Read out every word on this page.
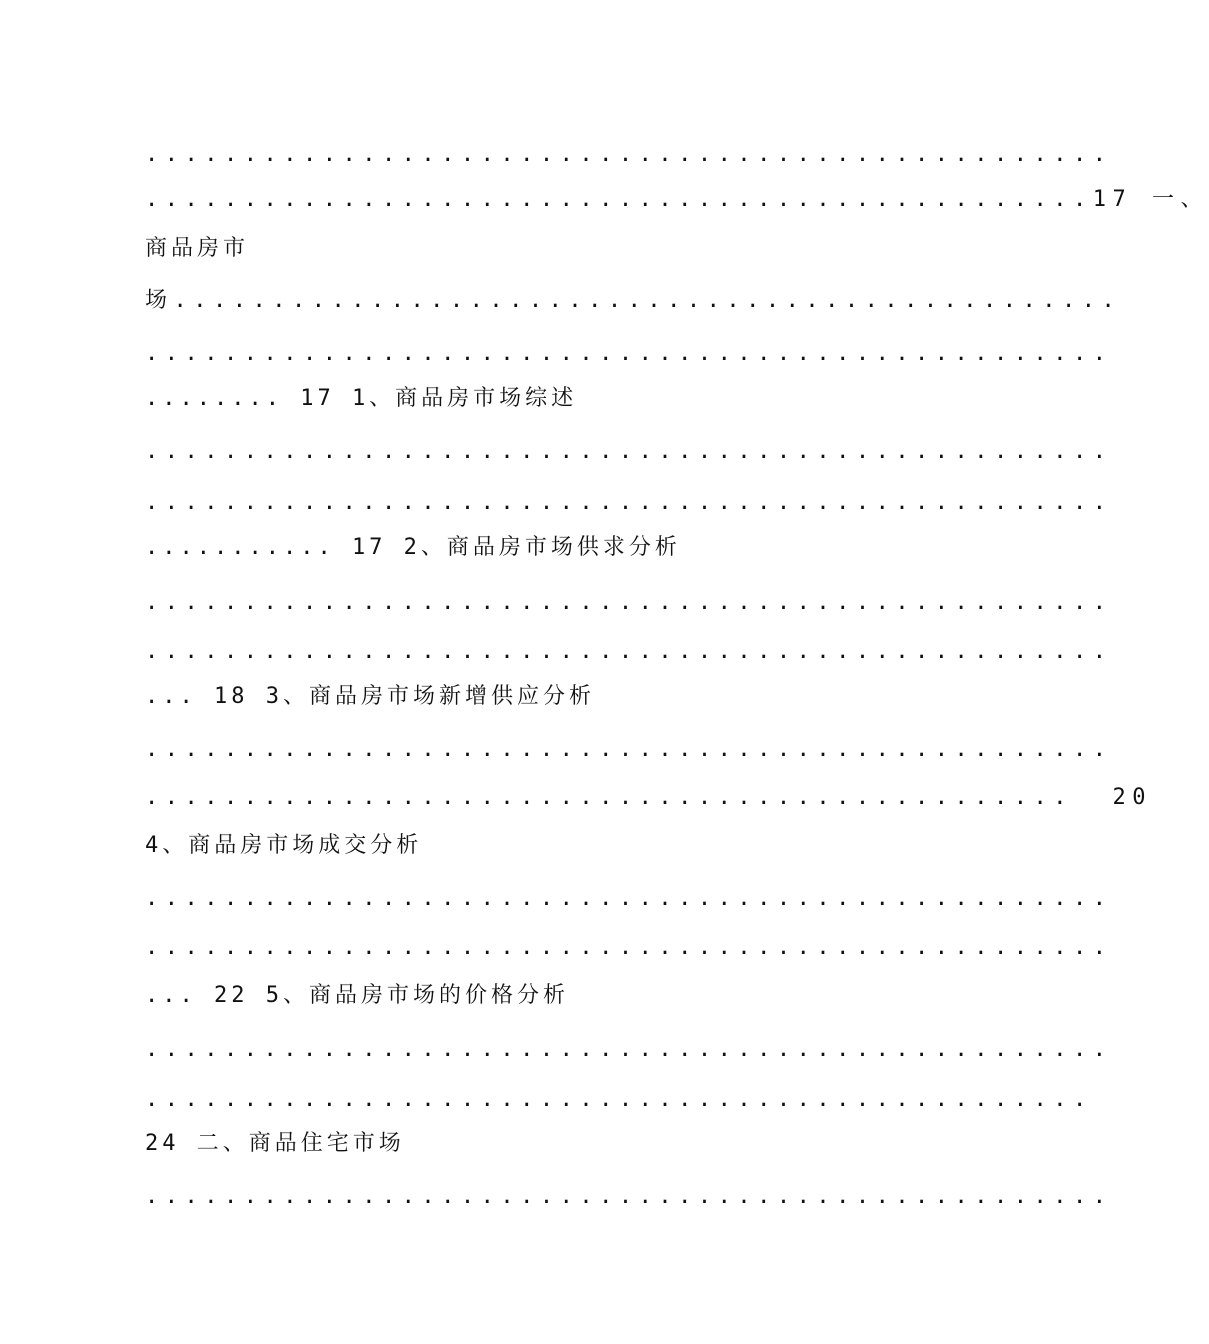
.................................................
................................................17 一、
商品房市
场................................................
.................................................
........ 17 1、商品房市场综述
.................................................
.................................................
........... 17 2、商品房市场供求分析
.................................................
.................................................
... 18 3、商品房市场新增供应分析
.................................................
...............................................  20
4、商品房市场成交分析
.................................................
.................................................
... 22 5、商品房市场的价格分析
.................................................
................................................
24 二、商品住宅市场
.................................................
